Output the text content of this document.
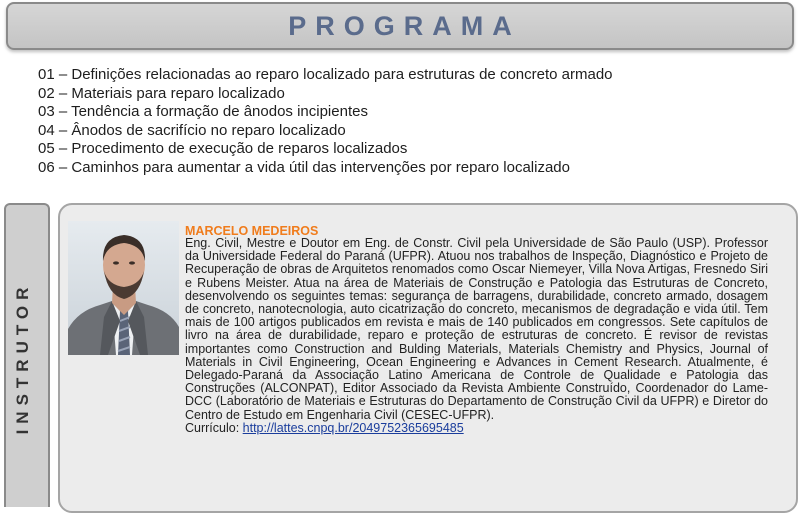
PROGRAMA
01 – Definições relacionadas ao reparo localizado para estruturas de concreto armado
02 – Materiais para reparo localizado
03 – Tendência a formação de ânodos incipientes
04 – Ânodos de sacrifício no reparo localizado
05 – Procedimento de execução de reparos localizados
06 – Caminhos para aumentar a vida útil das intervenções por reparo localizado
INSTRUTOR
MARCELO MEDEIROS

Eng. Civil, Mestre e Doutor em Eng. de Constr. Civil pela Universidade de São Paulo (USP). Professor da Universidade Federal do Paraná (UFPR). Atuou nos trabalhos de Inspeção, Diagnóstico e Projeto de Recuperação de obras de Arquitetos renomados como Oscar Niemeyer, Villa Nova Artigas, Fresnedo Siri e Rubens Meister. Atua na área de Materiais de Construção e Patologia das Estruturas de Concreto, desenvolvendo os seguintes temas: segurança de barragens, durabilidade, concreto armado, dosagem de concreto, nanotecnologia, auto cicatrização do concreto, mecanismos de degradação e vida útil. Tem mais de 100 artigos publicados em revista e mais de 140 publicados em congressos. Sete capítulos de livro na área de durabilidade, reparo e proteção de estruturas de concreto. É revisor de revistas importantes como Construction and Bulding Materials, Materials Chemistry and Physics, Journal of Materials in Civil Engineering, Ocean Engineering e Advances in Cement Research. Atualmente, é Delegado-Paraná da Associação Latino Americana de Controle de Qualidade e Patologia das Construções (ALCONPAT), Editor Associado da Revista Ambiente Construído, Coordenador do Lame-DCC (Laboratório de Materiais e Estruturas do Departamento de Construção Civil da UFPR) e Diretor do Centro de Estudo em Engenharia Civil (CESEC-UFPR).

Currículo: http://lattes.cnpq.br/2049752365695485
